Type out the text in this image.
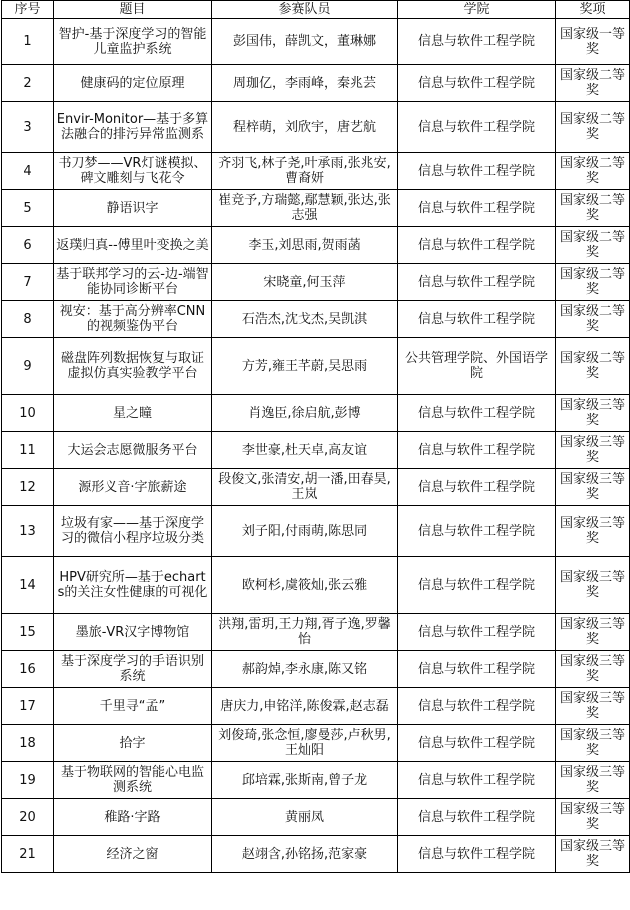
序号	题目	参赛队员	学院	奖项
1	智护-基于深度学习的智能儿童监护系统	彭国伟，薛凯文，董琳娜	信息与软件工程学院	国家级一等奖
2	健康码的定位原理	周珈亿，李雨峰，秦兆芸	信息与软件工程学院	国家级二等奖
3	Envir-Monitor—基于多算法融合的排污异常监测系	程梓萌，刘欣宇，唐艺航	信息与软件工程学院	国家级二等奖
4	书刀梦——VR灯谜模拟、碑文雕刻与飞花令	齐羽飞,林子尧,叶承雨,张兆安,曹裔妍	信息与软件工程学院	国家级二等奖
5	静语识字	崔竞予,方瑞懿,鄢慧颖,张达,张志强	信息与软件工程学院	国家级二等奖
6	返璞归真--傅里叶变换之美	李玉,刘思雨,贺雨菡	信息与软件工程学院	国家级二等奖
7	基于联邦学习的云-边-端智能协同诊断平台	宋晓童,何玉萍	信息与软件工程学院	国家级二等奖
8	视安：基于高分辨率CNN的视频鉴伪平台	石浩杰,沈戈杰,吴凯淇	信息与软件工程学院	国家级二等奖
9	磁盘阵列数据恢复与取证虚拟仿真实验教学平台	方芳,雍王芊蔚,吴思雨	公共管理学院、外国语学院	国家级二等奖
10	星之瞳	肖逸臣,徐启航,彭博	信息与软件工程学院	国家级三等奖
11	大运会志愿微服务平台	李世豪,杜天卓,高友谊	信息与软件工程学院	国家级三等奖
12	源形义音·字旅薪途	段俊文,张清安,胡一潘,田春昊,王岚	信息与软件工程学院	国家级三等奖
13	垃圾有家——基于深度学习的微信小程序垃圾分类	刘子阳,付雨萌,陈思同	信息与软件工程学院	国家级三等奖
14	HPV研究所—基于echarts的关注女性健康的可视化	欧柯杉,虞筱灿,张云雅	信息与软件工程学院	国家级三等奖
15	墨旅-VR汉字博物馆	洪翔,雷玥,王力翔,胥子逸,罗馨怡	信息与软件工程学院	国家级三等奖
16	基于深度学习的手语识别系统	郝韵焯,李永康,陈又铭	信息与软件工程学院	国家级三等奖
17	千里寻“孟”	唐庆力,申铭洋,陈俊霖,赵志磊	信息与软件工程学院	国家级三等奖
18	拾字	刘俊琦,张念恒,廖曼莎,卢秋男,王灿阳	信息与软件工程学院	国家级三等奖
19	基于物联网的智能心电监测系统	邱培霖,张斯南,曾子龙	信息与软件工程学院	国家级三等奖
20	稚路·字路	黄丽凤	信息与软件工程学院	国家级三等奖
21	经济之窗	赵翊含,孙铭扬,范家豪	信息与软件工程学院	国家级三等奖
